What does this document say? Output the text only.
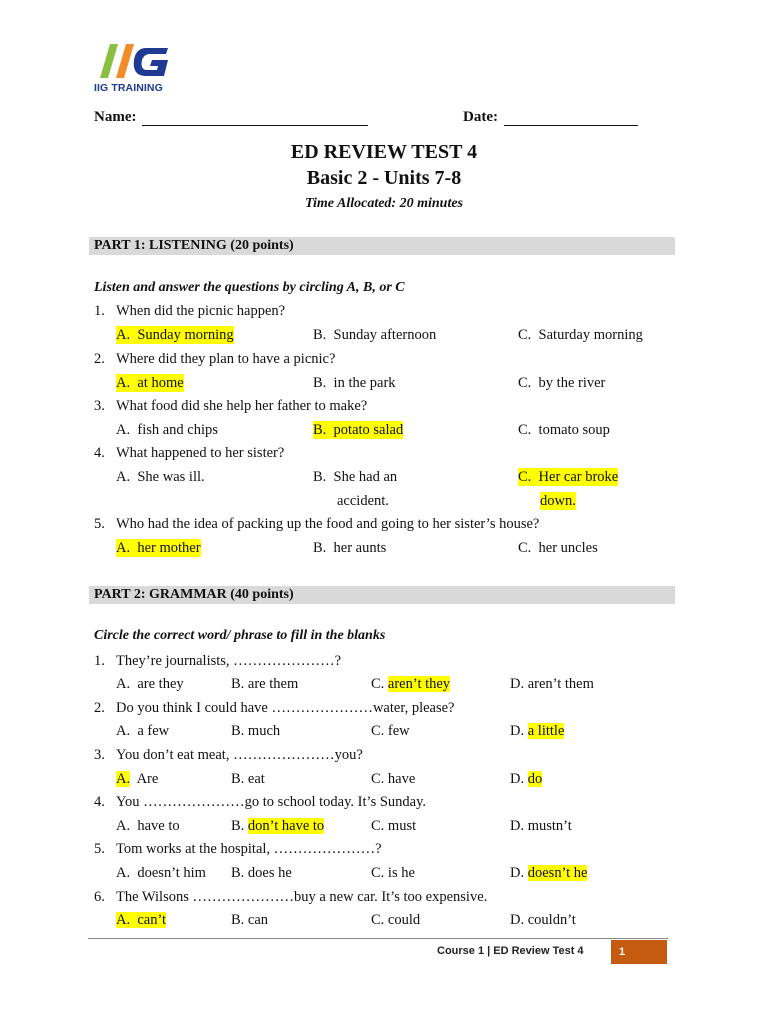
IIG TRAINING
Name:	Date:
ED REVIEW TEST 4
Basic 2 - Units 7-8
Time Allocated: 20 minutes
PART 1: LISTENING (20 points)
Listen and answer the questions by circling A, B, or C
1. When did the picnic happen?
A. Sunday morning	B. Sunday afternoon	C. Saturday morning
2. Where did they plan to have a picnic?
A. at home	B. in the park	C. by the river
3. What food did she help her father to make?
A. fish and chips	B. potato salad	C. tomato soup
4. What happened to her sister?
A. She was ill.	B. She had an	C. Her car broke
accident.	down.
5. Who had the idea of packing up the food and going to her sister’s house?
A. her mother	B. her aunts	C. her uncles
PART 2: GRAMMAR (40 points)
Circle the correct word/ phrase to fill in the blanks
1. They’re journalists, …………………?
A. are they	B. are them	C. aren’t they	D. aren’t them
2. Do you think I could have …………………water, please?
A. a few	B. much	C. few	D. a little
3. You don’t eat meat, …………………you?
A. Are	B. eat	C. have	D. do
4. You …………………go to school today. It’s Sunday.
A. have to	B. don’t have to	C. must	D. mustn’t
5. Tom works at the hospital, …………………?
A. doesn’t him B. does he	C. is he	D. doesn’t he
6. The Wilsons …………………buy a new car. It’s too expensive.
A. can’t	B. can	C. could	D. couldn’t
Course 1 | ED Review Test 4	1
